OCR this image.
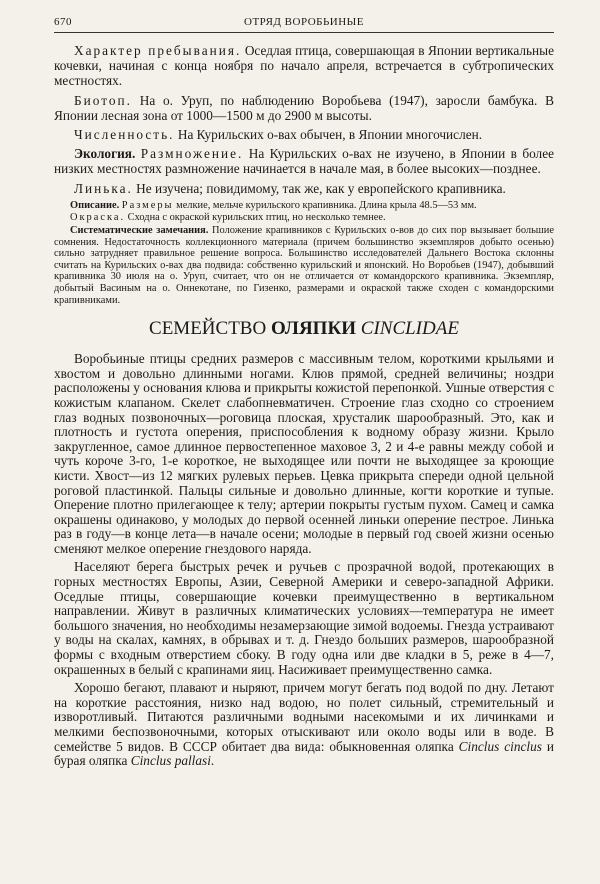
670	ОТРЯД ВОРОБЬИНЫЕ

Характер пребывания. Оседлая птица, совершающая в Японии вертикальные кочевки, начиная с конца ноября по начало апреля, встречается в субтропических местностях.

Биотоп. На о. Уруп, по наблюдению Воробьева (1947), заросли бамбука. В Японии лесная зона от 1000—1500 м до 2900 м высоты.

Численность. На Курильских о-вах обычен, в Японии многочислен.

Экология. Размножение. На Курильских о-вах не изучено, в Японии в более низких местностях размножение начинается в начале мая, в более высоких—позднее.

Линька. Не изучена; повидимому, так же, как у европейского крапивника.

Описание. Размеры мелкие, мельче курильского крапивника. Длина крыла 48.5—53 мм.

Окраска. Сходна с окраской курильских птиц, но несколько темнее.

Систематические замечания. Положение крапивников с Курильских о-вов до сих пор вызывает большие сомнения. Недостаточность коллекционного материала (причем большинство экземпляров добыто осенью) сильно затрудняет правильное решение вопроса. Большинство исследователей Дальнего Востока склонны считать на Курильских о-вах два подвида: собственно курильский и японский. Но Воробьев (1947), добывший крапивника 30 июля на о. Уруп, считает, что он не отличается от командорского крапивника. Экземпляр, добытый Васиным на о. Оннекотане, по Гизенко, размерами и окраской также сходен с командорскими крапивниками.

СЕМЕЙСТВО ОЛЯПКИ CINCLIDAE

Воробьиные птицы средних размеров с массивным телом, короткими крыльями и хвостом и довольно длинными ногами. Клюв прямой, средней величины; ноздри расположены у основания клюва и прикрыты кожистой перепонкой. Ушные отверстия с кожистым клапаном. Скелет слабопневматичен. Строение глаз сходно со строением глаз водных позвоночных—роговица плоская, хрусталик шарообразный. Это, как и плотность и густота оперения, приспособления к водному образу жизни. Крыло закругленное, самое длинное первостепенное маховое 3, 2 и 4-е равны между собой и чуть короче 3-го, 1-е короткое, не выходящее или почти не выходящее за кроющие кисти. Хвост—из 12 мягких рулевых перьев. Цевка прикрыта спереди одной цельной роговой пластинкой. Пальцы сильные и довольно длинные, когти короткие и тупые. Оперение плотно прилегающее к телу; артерии покрыты густым пухом. Самец и самка окрашены одинаково, у молодых до первой осенней линьки оперение пестрое. Линька раз в году—в конце лета—в начале осени; молодые в первый год своей жизни осенью сменяют мелкое оперение гнездового наряда.

Населяют берега быстрых речек и ручьев с прозрачной водой, протекающих в горных местностях Европы, Азии, Северной Америки и северо-западной Африки. Оседлые птицы, совершающие кочевки преимущественно в вертикальном направлении. Живут в различных климатических условиях—температура не имеет большого значения, но необходимы незамерзающие зимой водоемы. Гнезда устраивают у воды на скалах, камнях, в обрывах и т. д. Гнездо больших размеров, шарообразной формы с входным отверстием сбоку. В году одна или две кладки в 5, реже в 4—7, окрашенных в белый с крапинами яиц. Насиживает преимущественно самка.

Хорошо бегают, плавают и ныряют, причем могут бегать под водой по дну. Летают на короткие расстояния, низко над водою, но полет сильный, стремительный и изворотливый. Питаются различными водными насекомыми и их личинками и мелкими беспозвоночными, которых отыскивают или около воды или в воде. В семействе 5 видов. В СССР обитает два вида: обыкновенная оляпка Cinclus cinclus и бурая оляпка Cinclus pallasi.
